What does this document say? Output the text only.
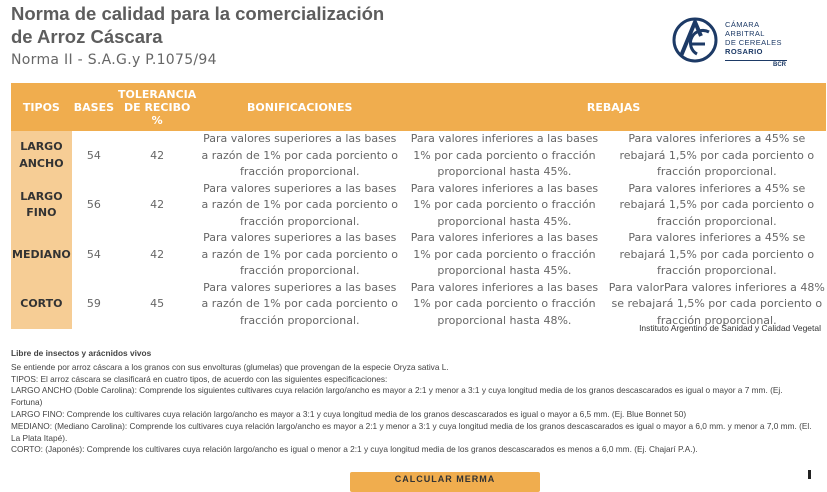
Norma de calidad para la comercialización
de Arroz Cáscara
Norma II - S.A.G.y P.1075/94
CÁMARA
ARBITRAL
DE CEREALES
ROSARIO
BCR
TIPOS	BASES	TOLERANCIA DE RECIBO %	BONIFICACIONES	REBAJAS	
LARGO ANCHO	54	42	Para valores superiores a las bases a razón de 1% por cada porciento o fracción proporcional.	Para valores inferiores a las bases 1% por cada porciento o fracción proporcional hasta 45%.	Para valores inferiores a 45% se rebajará 1,5% por cada porciento o fracción proporcional.
LARGO FINO	56	42	Para valores superiores a las bases a razón de 1% por cada porciento o fracción proporcional.	Para valores inferiores a las bases 1% por cada porciento o fracción proporcional hasta 45%.	Para valores inferiores a 45% se rebajará 1,5% por cada porciento o fracción proporcional.
MEDIANO	54	42	Para valores superiores a las bases a razón de 1% por cada porciento o fracción proporcional.	Para valores inferiores a las bases 1% por cada porciento o fracción proporcional hasta 45%.	Para valores inferiores a 45% se rebajará 1,5% por cada porciento o fracción proporcional.
CORTO	59	45	Para valores superiores a las bases a razón de 1% por cada porciento o fracción proporcional.	Para valores inferiores a las bases 1% por cada porciento o fracción proporcional hasta 48%.	Para valorPara valores inferiores a 48% se rebajará 1,5% por cada porciento o fracción proporcional.
Instituto Argentino de Sanidad y Calidad Vegetal

Libre de insectos y arácnidos vivos

Se entiende por arroz cáscara a los granos con sus envolturas (glumelas) que provengan de la especie Oryza sativa L.

TIPOS: El arroz cáscara se clasificará en cuatro tipos, de acuerdo con las siguientes especificaciones:

LARGO ANCHO (Doble Carolina): Comprende los siguientes cultivares cuya relación largo/ancho es mayor a 2:1 y menor a 3:1 y cuya longitud media de los granos descascarados es igual o mayor a 7 mm. (Ej. Fortuna)

LARGO FINO: Comprende los cultivares cuya relación largo/ancho es mayor a 3:1 y cuya longitud media de los granos descascarados es igual o mayor a 6,5 mm. (Ej. Blue Bonnet 50)

MEDIANO: (Mediano Carolina): Comprende los cultivares cuya relación largo/ancho es mayor a 2:1 y menor a 3:1 y cuya longitud media de los granos descascarados es igual o mayor a 6,0 mm. y menor a 7,0 mm. (El. La Plata Itapé).

CORTO: (Japonés): Comprende los cultivares cuya relación largo/ancho es igual o menor a 2:1 y cuya longitud media de los granos descascarados es menos a 6,0 mm. (Ej. Chajarí P.A.).

CALCULAR MERMA
